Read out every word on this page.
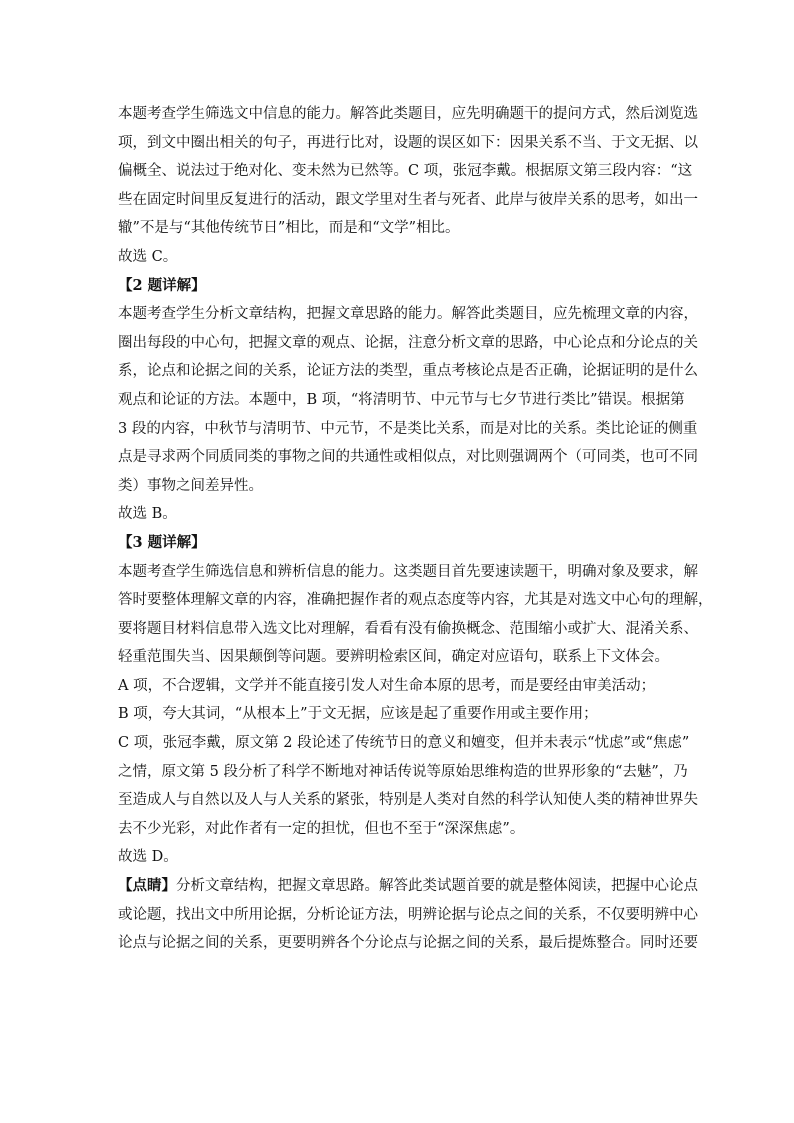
本题考查学生筛选文中信息的能力。解答此类题目，应先明确题干的提问方式，然后浏览选
项，到文中圈出相关的句子，再进行比对，设题的误区如下：因果关系不当、于文无据、以
偏概全、说法过于绝对化、变未然为已然等。C 项，张冠李戴。根据原文第三段内容：“这
些在固定时间里反复进行的活动，跟文学里对生者与死者、此岸与彼岸关系的思考，如出一
辙”不是与“其他传统节日”相比，而是和“文学”相比。
故选 C。
【2 题详解】
本题考查学生分析文章结构，把握文章思路的能力。解答此类题目，应先梳理文章的内容，
圈出每段的中心句，把握文章的观点、论据，注意分析文章的思路，中心论点和分论点的关
系，论点和论据之间的关系，论证方法的类型，重点考核论点是否正确，论据证明的是什么
观点和论证的方法。本题中，B 项，“将清明节、中元节与七夕节进行类比”错误。根据第
3 段的内容，中秋节与清明节、中元节，不是类比关系，而是对比的关系。类比论证的侧重
点是寻求两个同质同类的事物之间的共通性或相似点，对比则强调两个（可同类，也可不同
类）事物之间差异性。
故选 B。
【3 题详解】
本题考查学生筛选信息和辨析信息的能力。这类题目首先要速读题干，明确对象及要求，解
答时要整体理解文章的内容，准确把握作者的观点态度等内容，尤其是对选文中心句的理解，
要将题目材料信息带入选文比对理解，看看有没有偷换概念、范围缩小或扩大、混淆关系、
轻重范围失当、因果颠倒等问题。要辨明检索区间，确定对应语句，联系上下文体会。
A 项，不合逻辑，文学并不能直接引发人对生命本原的思考，而是要经由审美活动；
B 项，夸大其词，“从根本上”于文无据，应该是起了重要作用或主要作用；
C 项，张冠李戴，原文第 2 段论述了传统节日的意义和嬗变，但并未表示“忧虑”或“焦虑”
之情，原文第 5 段分析了科学不断地对神话传说等原始思维构造的世界形象的“去魅”，乃
至造成人与自然以及人与人关系的紧张，特别是人类对自然的科学认知使人类的精神世界失
去不少光彩，对此作者有一定的担忧，但也不至于“深深焦虑”。
故选 D。
【点睛】分析文章结构，把握文章思路。解答此类试题首要的就是整体阅读，把握中心论点
或论题，找出文中所用论据，分析论证方法，明辨论据与论点之间的关系，不仅要明辨中心
论点与论据之间的关系，更要明辨各个分论点与论据之间的关系，最后提炼整合。同时还要
